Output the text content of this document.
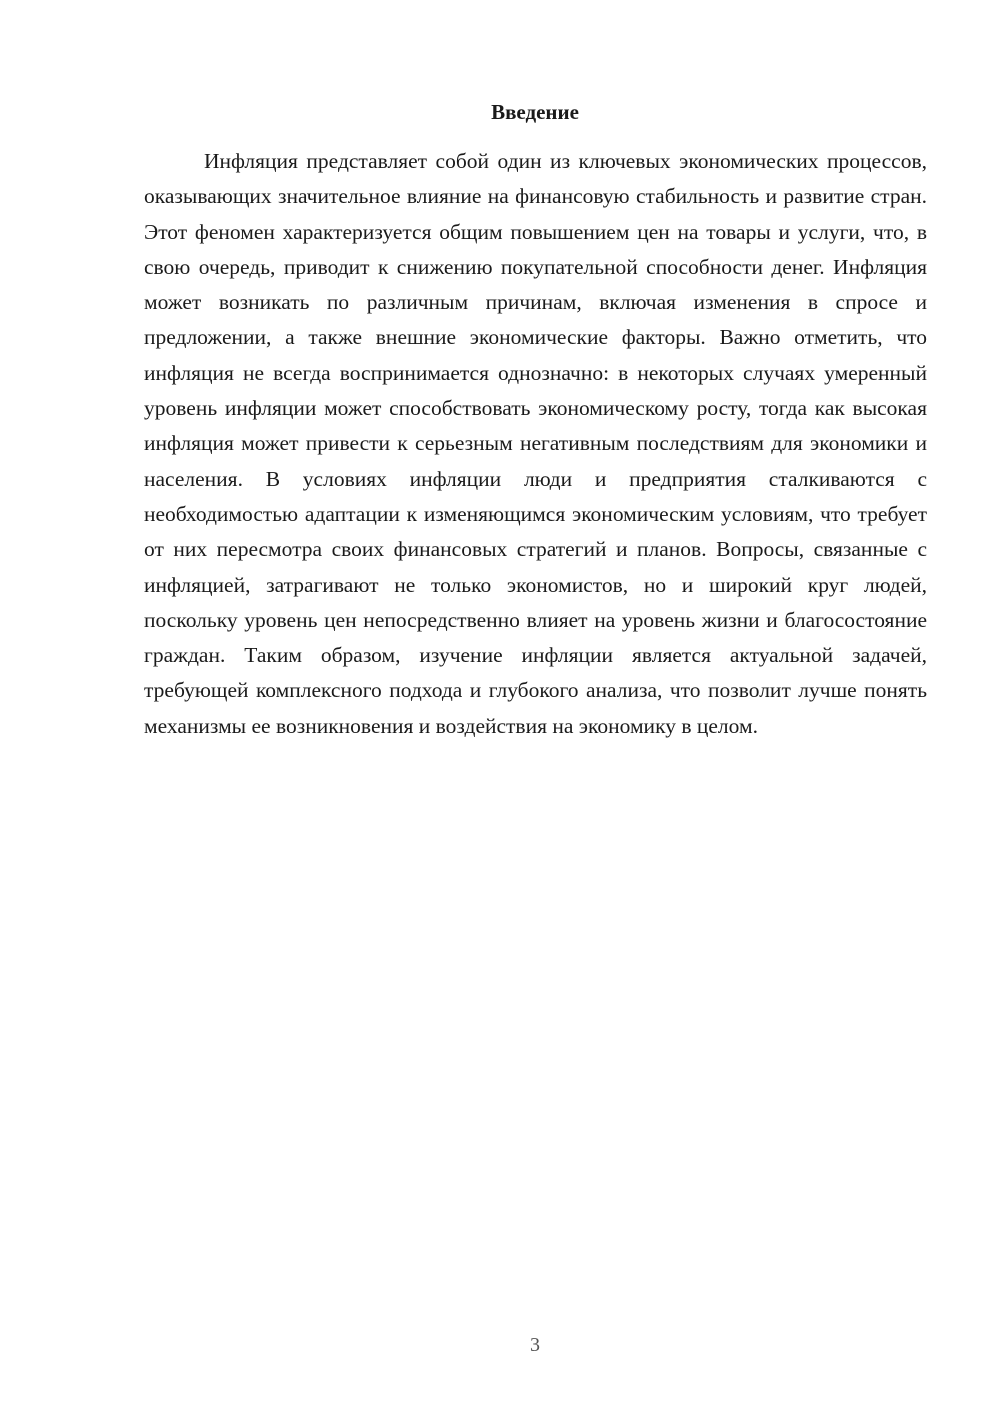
Введение

Инфляция представляет собой один из ключевых экономических процессов, оказывающих значительное влияние на финансовую стабильность и развитие стран. Этот феномен характеризуется общим повышением цен на товары и услуги, что, в свою очередь, приводит к снижению покупательной способности денег. Инфляция может возникать по различным причинам, включая изменения в спросе и предложении, а также внешние экономические факторы. Важно отметить, что инфляция не всегда воспринимается однозначно: в некоторых случаях умеренный уровень инфляции может способствовать экономическому росту, тогда как высокая инфляция может привести к серьезным негативным последствиям для экономики и населения. В условиях инфляции люди и предприятия сталкиваются с необходимостью адаптации к изменяющимся экономическим условиям, что требует от них пересмотра своих финансовых стратегий и планов. Вопросы, связанные с инфляцией, затрагивают не только экономистов, но и широкий круг людей, поскольку уровень цен непосредственно влияет на уровень жизни и благосостояние граждан. Таким образом, изучение инфляции является актуальной задачей, требующей комплексного подхода и глубокого анализа, что позволит лучше понять механизмы ее возникновения и воздействия на экономику в целом.

3
